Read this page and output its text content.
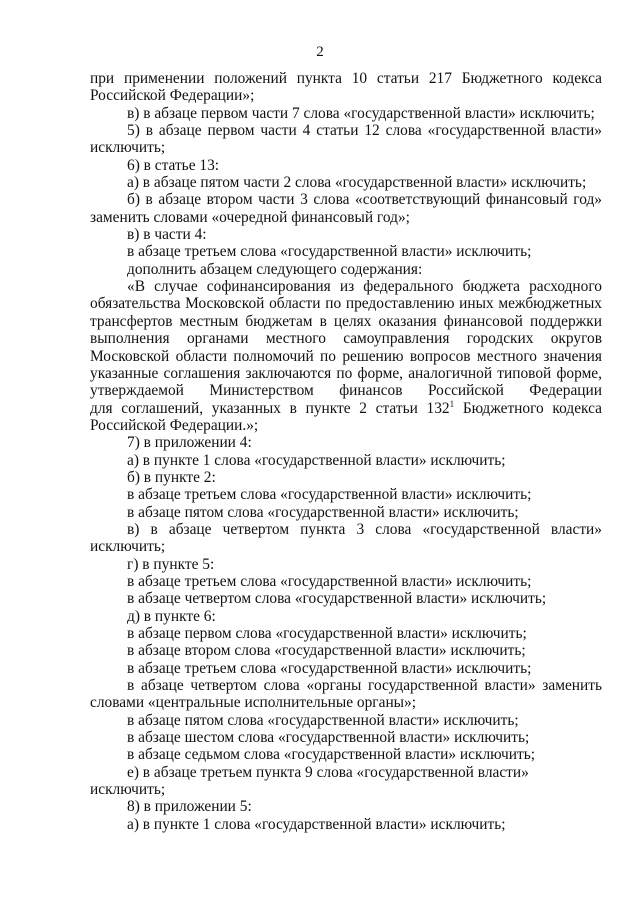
2

при применении положений пункта 10 статьи 217 Бюджетного кодекса

Российской Федерации»;

в) в абзаце первом части 7 слова «государственной власти» исключить;

5) в абзаце первом части 4 статьи 12 слова «государственной власти»

исключить;

6) в статье 13:

а) в абзаце пятом части 2 слова «государственной власти» исключить;

б) в абзаце втором части 3 слова «соответствующий финансовый год»

заменить словами «очередной финансовый год»;

в) в части 4:

в абзаце третьем слова «государственной власти» исключить;

дополнить абзацем следующего содержания:

«В случае софинансирования из федерального бюджета расходного

обязательства Московской области по предоставлению иных межбюджетных

трансфертов местным бюджетам в целях оказания финансовой поддержки

выполнения органами местного самоуправления городских округов

Московской области полномочий по решению вопросов местного значения

указанные соглашения заключаются по форме, аналогичной типовой форме,

утверждаемой Министерством финансов Российской Федерации

для соглашений, указанных в пункте 2 статьи $132^1$ Бюджетного кодекса

Российской Федерации.»;

7) в приложении 4:

а) в пункте 1 слова «государственной власти» исключить;

б) в пункте 2:

в абзаце третьем слова «государственной власти» исключить;

в абзаце пятом слова «государственной власти» исключить;

в) в абзаце четвертом пункта 3 слова «государственной власти»

исключить;

г) в пункте 5:

в абзаце третьем слова «государственной власти» исключить;

в абзаце четвертом слова «государственной власти» исключить;

д) в пункте 6:

в абзаце первом слова «государственной власти» исключить;

в абзаце втором слова «государственной власти» исключить;

в абзаце третьем слова «государственной власти» исключить;

в абзаце четвертом слова «органы государственной власти» заменить

словами «центральные исполнительные органы»;

в абзаце пятом слова «государственной власти» исключить;

в абзаце шестом слова «государственной власти» исключить;

в абзаце седьмом слова «государственной власти» исключить;

е) в абзаце третьем пункта 9 слова «государственной власти» исключить;

8) в приложении 5:

а) в пункте 1 слова «государственной власти» исключить;
